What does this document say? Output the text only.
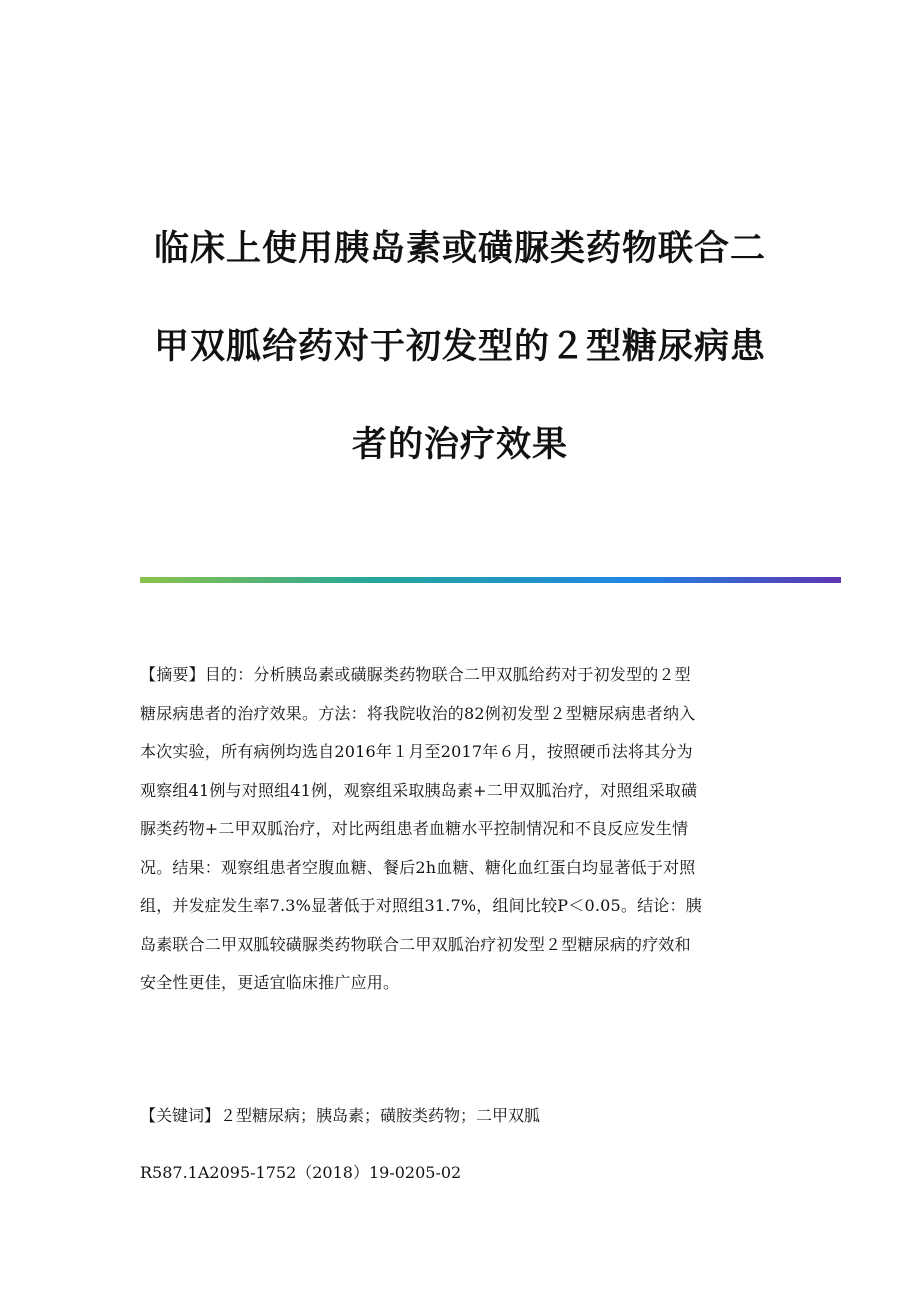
临床上使用胰岛素或磺脲类药物联合二
甲双胍给药对于初发型的２型糖尿病患
者的治疗效果
【摘要】目的：分析胰岛素或磺脲类药物联合二甲双胍给药对于初发型的２型
糖尿病患者的治疗效果。方法：将我院收治的82例初发型２型糖尿病患者纳入
本次实验，所有病例均选自2016年１月至2017年６月，按照硬币法将其分为
观察组41例与对照组41例，观察组采取胰岛素+二甲双胍治疗，对照组采取磺
脲类药物+二甲双胍治疗，对比两组患者血糖水平控制情况和不良反应发生情
况。结果：观察组患者空腹血糖、餐后2h血糖、糖化血红蛋白均显著低于对照
组，并发症发生率7.3%显著低于对照组31.7%，组间比较P＜0.05。结论：胰
岛素联合二甲双胍较磺脲类药物联合二甲双胍治疗初发型２型糖尿病的疗效和
安全性更佳，更适宜临床推广应用。
【关键词】２型糖尿病；胰岛素；磺胺类药物；二甲双胍
R587.1A2095-1752（2018）19-0205-02
